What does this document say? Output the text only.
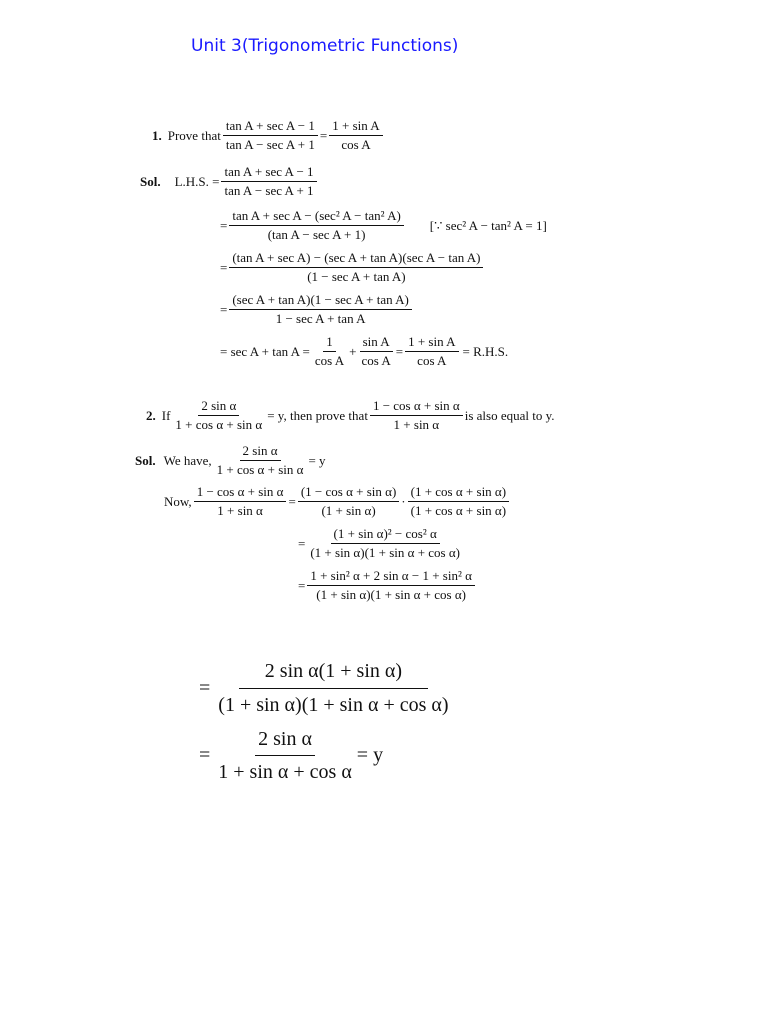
Unit 3(Trigonometric Functions)
1. Prove that $\frac{\text{tan A + sec A − 1}}{\text{tan A − sec A + 1}} = \frac{\text{1 + sin A}}{\text{cos A}}$
Sol. L.H.S. = $\frac{\text{tan A + sec A − 1}}{\text{tan A − sec A + 1}}$
= $\frac{\text{tan A + sec A − (sec² A − tan² A)}}{\text{(tan A − sec A + 1)}}$ [∵ sec² A − tan² A = 1]
= $\frac{\text{(tan A + sec A) − (sec A + tan A)(sec A − tan A)}}{\text{(1 − sec A + tan A)}}$
= $\frac{\text{(sec A + tan A)(1 − sec A + tan A)}}{\text{1 − sec A + tan A}}$
= $\sec A + \tan A = \frac{1}{\text{cos A}} + \frac{\text{sin A}}{\text{cos A}} = \frac{\text{1 + sin A}}{\text{cos A}} = R.H.S$.
2. If $\frac{\text{2 sin α}}{\text{1 + cos α + sin α}} = y$, then prove that $\frac{\text{1 − cos α + sin α}}{\text{1 + sin α}}$ is also equal to y.
Sol. We have, $\frac{\text{2 sin α}}{\text{1 + cos α + sin α}} = y$
Now, $\frac{\text{1 − cos α + sin α}}{\text{1 + sin α}} = \frac{\text{(1 − cos α + sin α)}}{\text{(1 + sin α)}} \cdot \frac{\text{(1 + cos α + sin α)}}{\text{(1 + cos α + sin α)}}$
= $\frac{\text{(1 + sin α)² − cos² α}}{\text{(1 + sin α)(1 + sin α + cos α)}}$
= $\frac{\text{1 + sin² α + 2 sin α − 1 + sin² α}}{\text{(1 + sin α)(1 + sin α + cos α)}}$
= $\frac{\text{2 sin α(1 + sin α)}}{\text{(1 + sin α)(1 + sin α + cos α)}}$
= $\frac{\text{2 sin α}}{\text{1 + sin α + cos α}} = y$
